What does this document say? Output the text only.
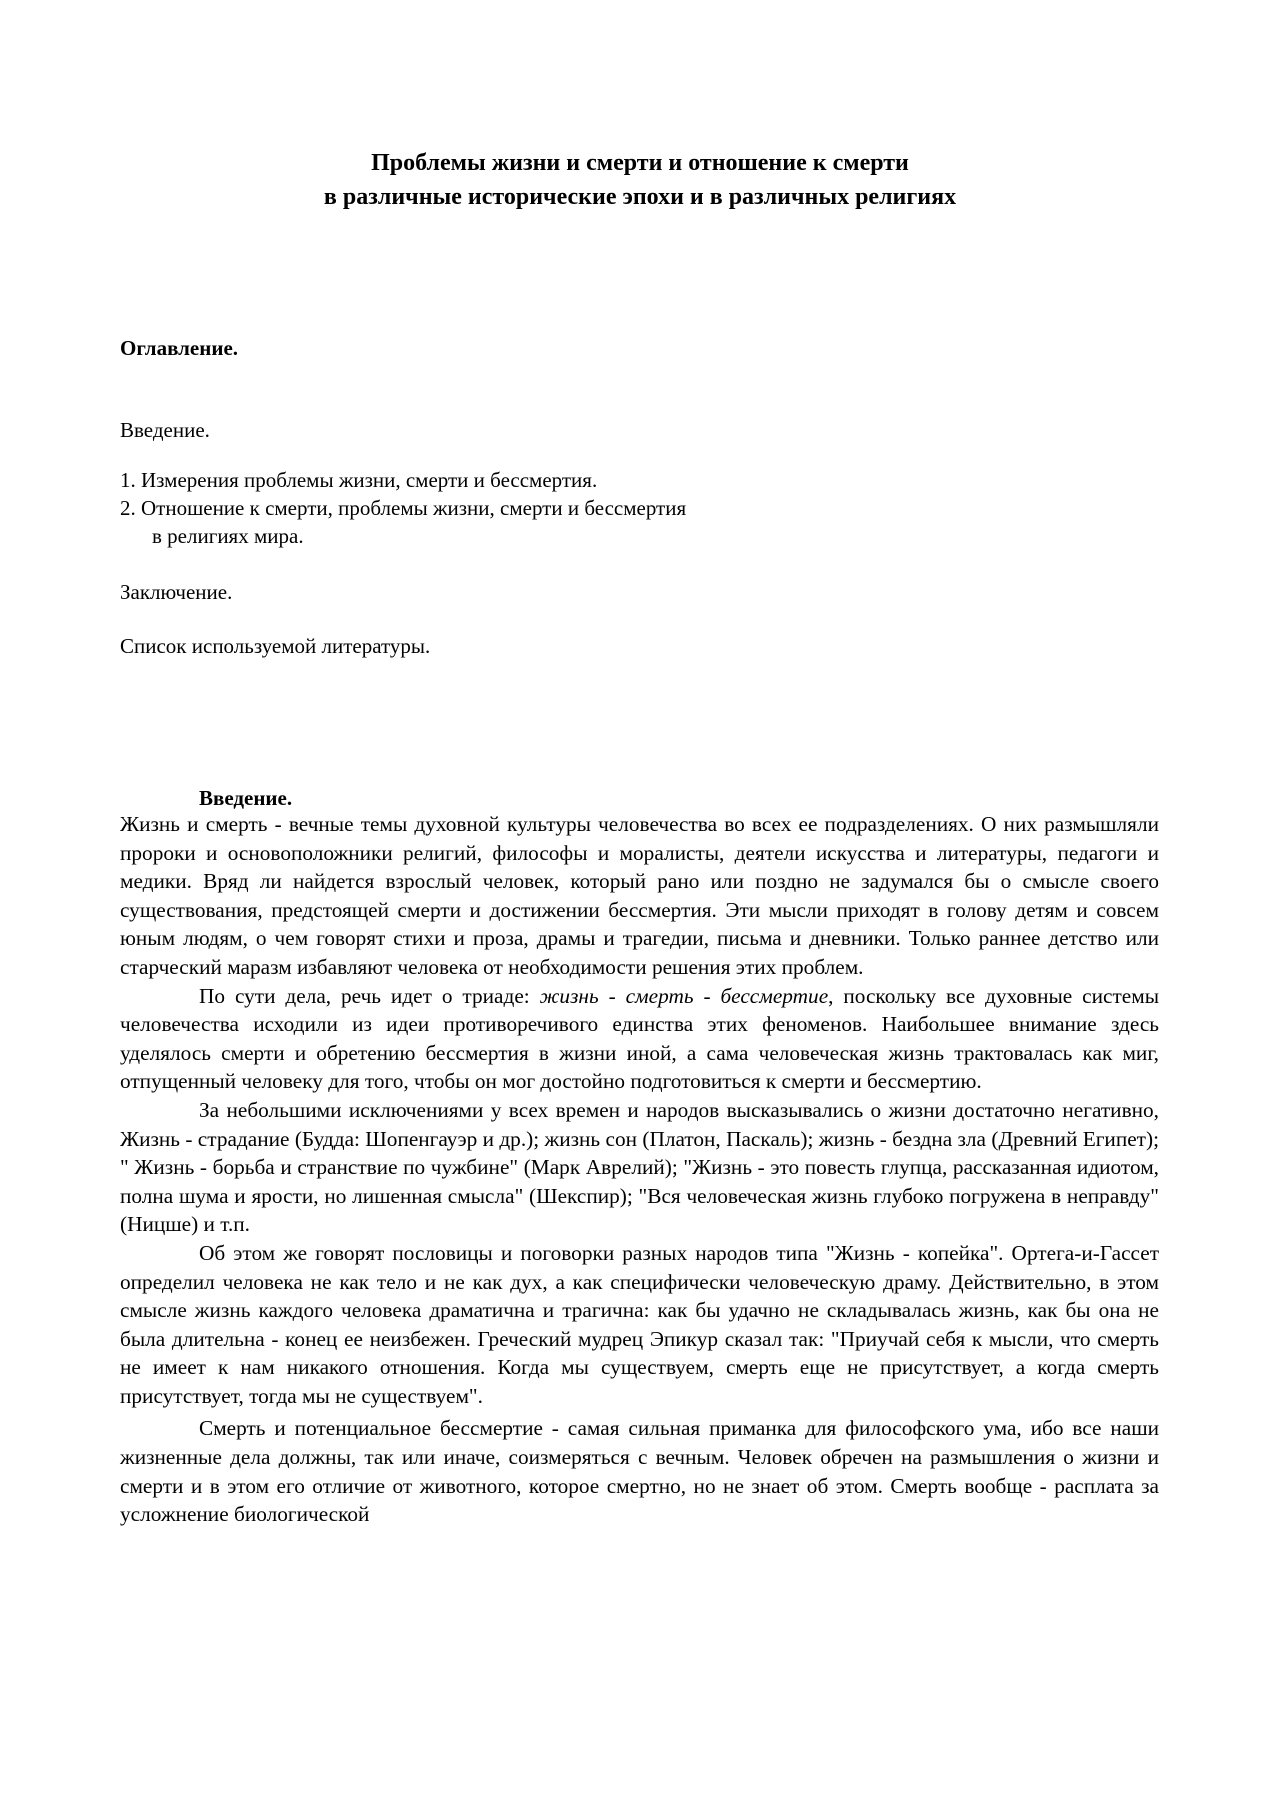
Проблемы жизни и смерти и отношение к смерти
в различные исторические эпохи и в различных религиях
Оглавление.
Введение.
1. Измерения проблемы жизни, смерти и бессмертия.
2. Отношение к смерти, проблемы жизни, смерти и бессмертия
в религиях мира.
Заключение.
Список используемой литературы.
Введение.

Жизнь и смерть - вечные темы духовной культуры человечества во всех ее подразделениях. О них размышляли пророки и основоположники религий, философы и моралисты, деятели искусства и литературы, педагоги и медики. Вряд ли найдется взрослый человек, который рано или поздно не задумался бы о смысле своего существования, предстоящей смерти и достижении бессмертия. Эти мысли приходят в голову детям и совсем юным людям, о чем говорят стихи и проза, драмы и трагедии, письма и дневники. Только раннее детство или старческий маразм избавляют человека от необходимости решения этих проблем.

По сути дела, речь идет о триаде: жизнь - смерть - бессмертие, поскольку все духовные системы человечества исходили из идеи противоречивого единства этих феноменов. Наибольшее внимание здесь уделялось смерти и обретению бессмертия в жизни иной, а сама человеческая жизнь трактовалась как миг, отпущенный человеку для того, чтобы он мог достойно подготовиться к смерти и бессмертию.

За небольшими исключениями у всех времен и народов высказывались о жизни достаточно негативно, Жизнь - страдание (Будда: Шопенгауэр и др.); жизнь сон (Платон, Паскаль); жизнь - бездна зла (Древний Египет); " Жизнь - борьба и странствие по чужбине" (Марк Аврелий); "Жизнь - это повесть глупца, рассказанная идиотом, полна шума и ярости, но лишенная смысла" (Шекспир); "Вся человеческая жизнь глубоко погружена в неправду" (Ницше) и т.п.

Об этом же говорят пословицы и поговорки разных народов типа "Жизнь - копейка". Ортега-и-Гассет определил человека не как тело и не как дух, а как специфически человеческую драму. Действительно, в этом смысле жизнь каждого человека драматична и трагична: как бы удачно не складывалась жизнь, как бы она не была длительна - конец ее неизбежен. Греческий мудрец Эпикур сказал так: "Приучай себя к мысли, что смерть не имеет к нам никакого отношения. Когда мы существуем, смерть еще не присутствует, а когда смерть присутствует, тогда мы не существуем".

Смерть и потенциальное бессмертие - самая сильная приманка для философского ума, ибо все наши жизненные дела должны, так или иначе, соизмеряться с вечным. Человек обречен на размышления о жизни и смерти и в этом его отличие от животного, которое смертно, но не знает об этом. Смерть вообще - расплата за усложнение биологической
